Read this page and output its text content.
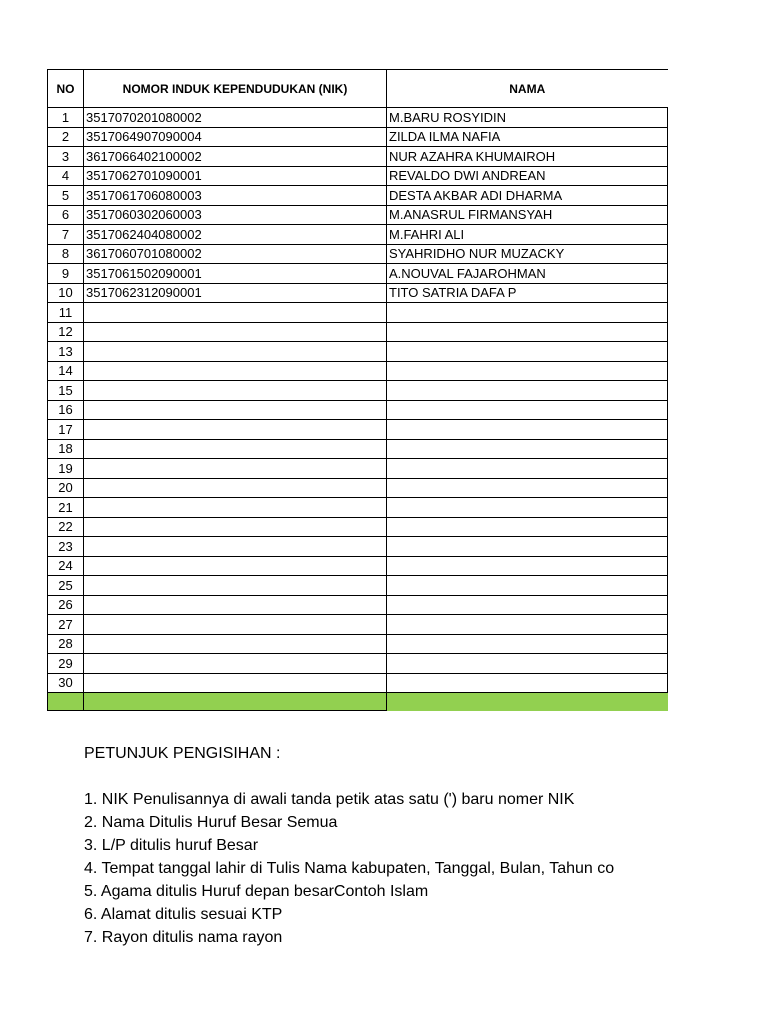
NO	NOMOR INDUK KEPENDUDUKAN (NIK)	NAMA
1	3517070201080002	M.BARU ROSYIDIN
2	3517064907090004	ZILDA ILMA NAFIA
3	3617066402100002	NUR AZAHRA KHUMAIROH
4	3517062701090001	REVALDO DWI ANDREAN
5	3517061706080003	DESTA AKBAR ADI DHARMA
6	3517060302060003	M.ANASRUL FIRMANSYAH
7	3517062404080002	M.FAHRI ALI
8	3617060701080002	SYAHRIDHO NUR MUZACKY
9	3517061502090001	A.NOUVAL FAJAROHMAN
10	3517062312090001	TITO SATRIA DAFA P
11		
12		
13		
14		
15		
16		
17		
18		
19		
20		
21		
22		
23		
24		
25		
26		
27		
28		
29		
30		

PETUNJUK PENGISIHAN :
1. NIK Penulisannya di awali tanda petik atas satu (') baru nomer NIK
2. Nama Ditulis Huruf Besar Semua
3. L/P ditulis huruf Besar
4. Tempat tanggal lahir di Tulis Nama kabupaten, Tanggal, Bulan, Tahun co
5. Agama ditulis Huruf depan besarContoh Islam
6. Alamat ditulis sesuai KTP
7. Rayon ditulis nama rayon
